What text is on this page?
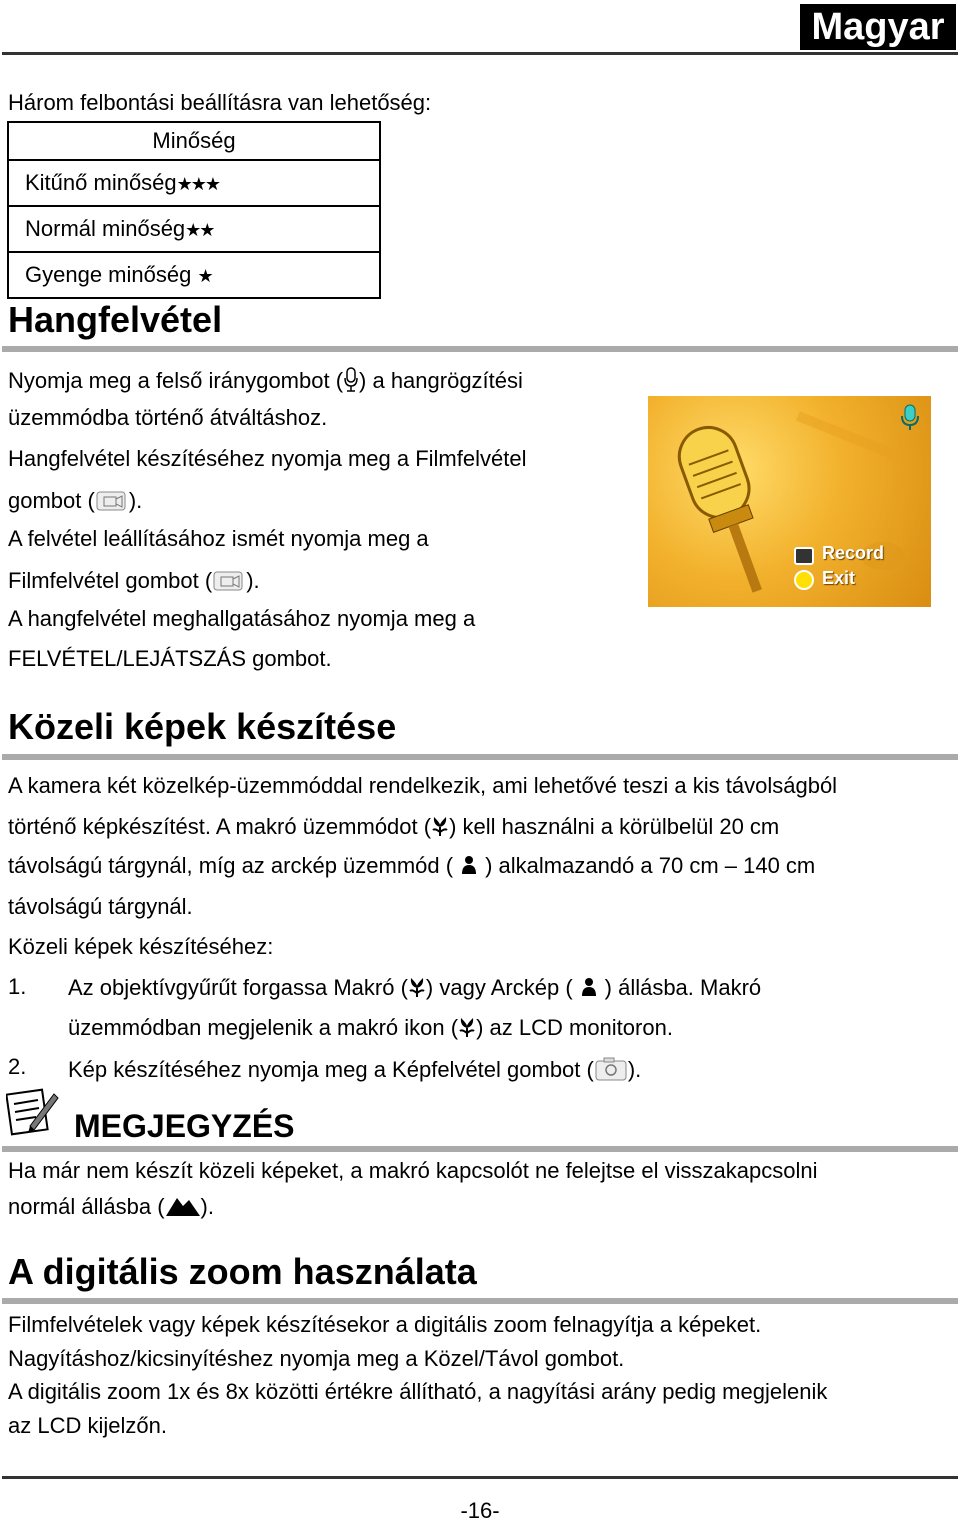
Magyar
Három felbontási beállításra van lehetőség:
Minőség
Kitűnő minőség★★★
Normál minőség★★
Gyenge minőség ★
Hangfelvétel
Nyomja meg a felső iránygombot ( ) a hangrögzítési
üzemmódba történő átváltáshoz.
Hangfelvétel készítéséhez nyomja meg a Filmfelvétel
gombot ( ).
A felvétel leállításához ismét nyomja meg a
Filmfelvétel gombot ( ).
A hangfelvétel meghallgatásához nyomja meg a
FELVÉTEL/LEJÁTSZÁS gombot.
Record
Exit
Közeli képek készítése
A kamera két közelkép-üzemmóddal rendelkezik, ami lehetővé teszi a kis távolságból
történő képkészítést. A makró üzemmódot ( ) kell használni a körülbelül 20 cm
távolságú tárgynál, míg az arckép üzemmód ( ) alkalmazandó a 70 cm – 140 cm
távolságú tárgynál.
Közeli képek készítéséhez:
1. Az objektívgyűrűt forgassa Makró ( ) vagy Arckép ( ) állásba. Makró
üzemmódban megjelenik a makró ikon ( ) az LCD monitoron.
2. Kép készítéséhez nyomja meg a Képfelvétel gombot ( ).
MEGJEGYZÉS
Ha már nem készít közeli képeket, a makró kapcsolót ne felejtse el visszakapcsolni
normál állásba ( ).
A digitális zoom használata
Filmfelvételek vagy képek készítésekor a digitális zoom felnagyítja a képeket.
Nagyításhoz/kicsinyítéshez nyomja meg a Közel/Távol gombot.
A digitális zoom 1x és 8x közötti értékre állítható, a nagyítási arány pedig megjelenik
az LCD kijelzőn.
-16-
